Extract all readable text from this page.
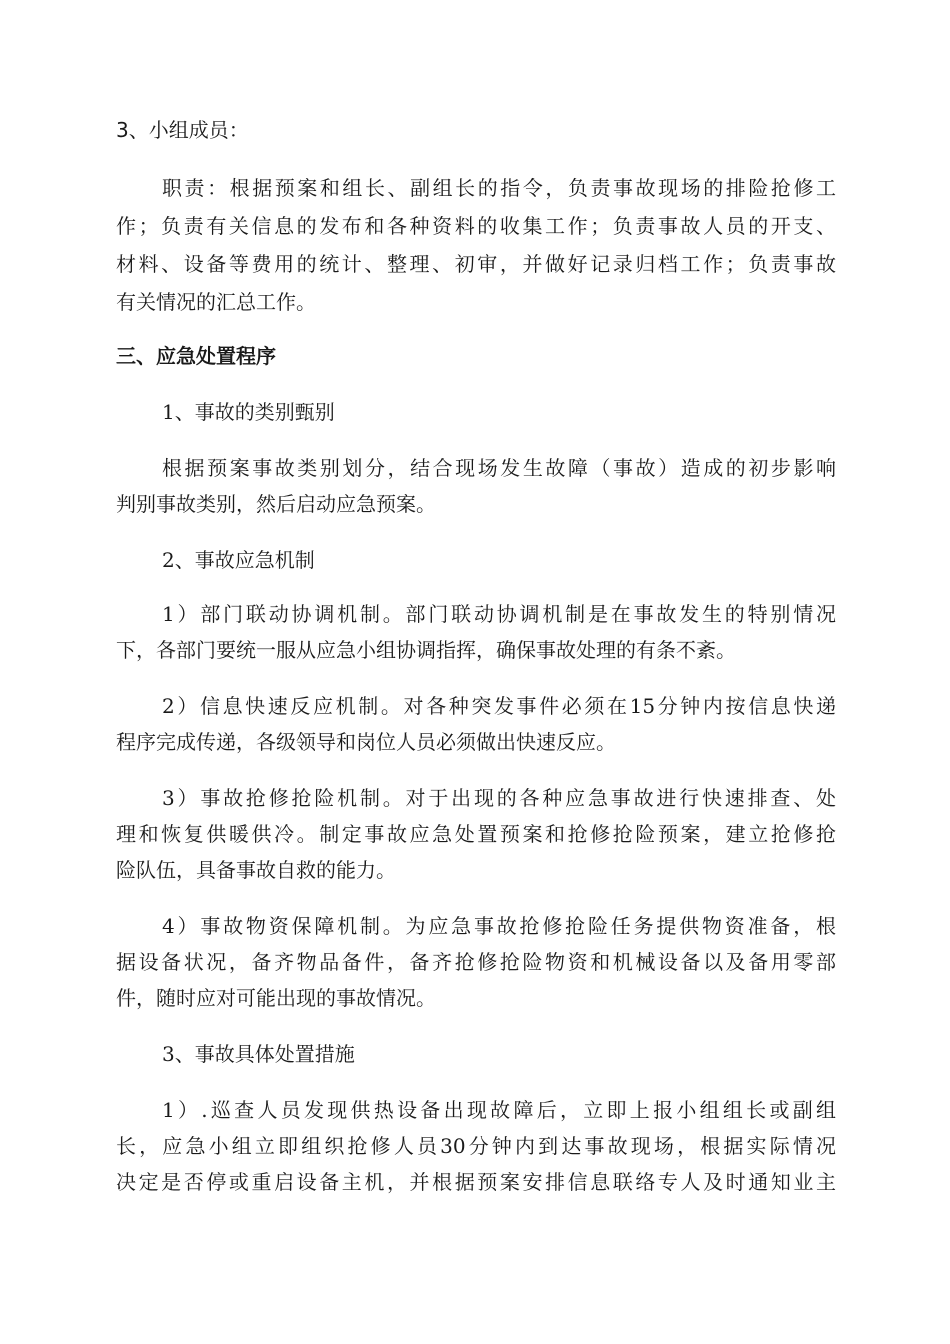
3、小组成员：
职责：根据预案和组长、副组长的指令，负责事故现场的排险抢修工
作；负责有关信息的发布和各种资料的收集工作；负责事故人员的开支、
材料、设备等费用的统计、整理、初审，并做好记录归档工作；负责事故
有关情况的汇总工作。
三、应急处置程序
1、事故的类别甄别
根据预案事故类别划分，结合现场发生故障（事故）造成的初步影响
判别事故类别，然后启动应急预案。
2、事故应急机制
1）部门联动协调机制。部门联动协调机制是在事故发生的特别情况
下，各部门要统一服从应急小组协调指挥，确保事故处理的有条不紊。
2）信息快速反应机制。对各种突发事件必须在15分钟内按信息快递
程序完成传递，各级领导和岗位人员必须做出快速反应。
3）事故抢修抢险机制。对于出现的各种应急事故进行快速排查、处
理和恢复供暖供冷。制定事故应急处置预案和抢修抢险预案，建立抢修抢
险队伍，具备事故自救的能力。
4）事故物资保障机制。为应急事故抢修抢险任务提供物资准备，根
据设备状况，备齐物品备件，备齐抢修抢险物资和机械设备以及备用零部
件，随时应对可能出现的事故情况。
3、事故具体处置措施
1）.巡查人员发现供热设备出现故障后，立即上报小组组长或副组
长，应急小组立即组织抢修人员30分钟内到达事故现场，根据实际情况
决定是否停或重启设备主机，并根据预案安排信息联络专人及时通知业主
